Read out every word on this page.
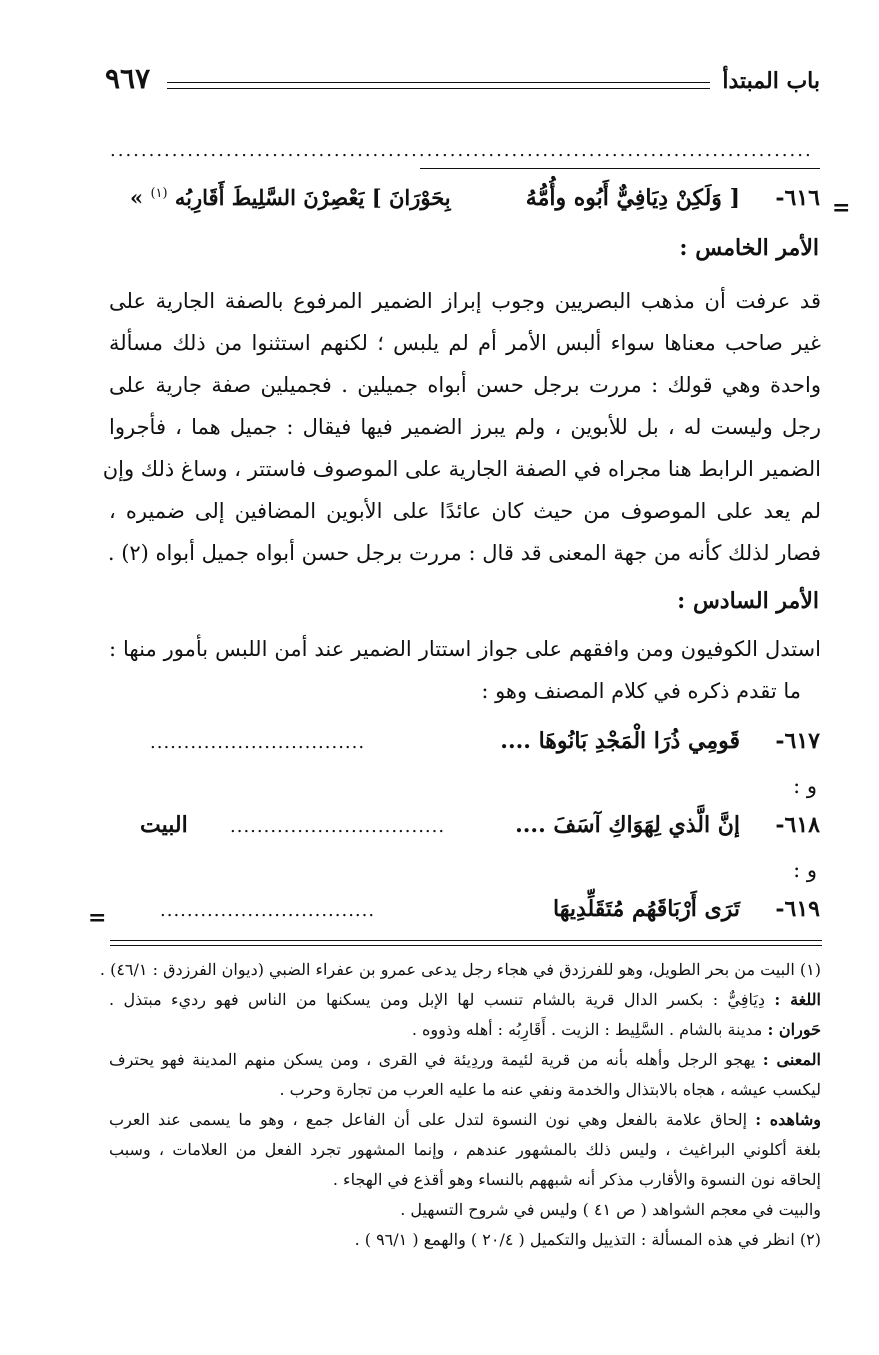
باب المبتدأ
٩٦٧
...........................................................................................
=
٦١٦-
[ وَلَكِنْ دِيَافِيٌّ أَبُوه وأُمُّهُ
بِحَوْرَانَ ] يَعْصِرْنَ السَّلِيطَ أَقَارِبُه $^{(١)}$ »
الأمر الخامس :
قد عرفت أن مذهب البصريين وجوب إبراز الضمير المرفوع بالصفة الجارية على
غير صاحب معناها سواء ألبس الأمر أم لم يلبس ؛ لكنهم استثنوا من ذلك مسألة
واحدة وهي قولك : مررت برجل حسن أبواه جميلين . فجميلين صفة جارية على
رجل وليست له ، بل للأبوين ، ولم يبرز الضمير فيها فيقال : جميل هما ، فأجروا
الضمير الرابط هنا مجراه في الصفة الجارية على الموصوف فاستتر ، وساغ ذلك وإن
لم يعد على الموصوف من حيث كان عائدًا على الأبوين المضافين إلى ضميره ،
فصار لذلك كأنه من جهة المعنى قد قال : مررت برجل حسن أبواه جميل أبواه (٢) .
الأمر السادس :
استدل الكوفيون ومن وافقهم على جواز استتار الضمير عند أمن اللبس بأمور منها :
ما تقدم ذكره في كلام المصنف وهو :
٦١٧-
قَومِي ذُرَا الْمَجْدِ بَانُوهَا ....
................................
و :
٦١٨-
إنَّ الَّذي لِهَوَاكِ آسَفَ ....
................................
البيت
و :
=	٦١٩-
تَرَى أَرْبَاقَهُم مُتَقَلِّدِيهَا
................................
(١) البيت من بحر الطويل، وهو للفرزدق في هجاء رجل يدعى عمرو بن عفراء الضبي (ديوان الفرزدق : ٤٦/١) .
اللغة : دِيَافِيٌّ : بكسر الدال قرية بالشام تنسب لها الإبل ومن يسكنها من الناس فهو رديء مبتذل .
حَوران : مدينة بالشام . السَّلِيط : الزيت . أَقَارِبُه : أهله وذووه .
المعنى : يهجو الرجل وأهله بأنه من قرية لئيمة وردِيئة في القرى ، ومن يسكن منهم المدينة فهو يحترف
ليكسب عيشه ، هجاه بالابتذال والخدمة ونفي عنه ما عليه العرب من تجارة وحرب .
وشاهده : إلحاق علامة بالفعل وهي نون النسوة لتدل على أن الفاعل جمع ، وهو ما يسمى عند العرب
بلغة أكلوني البراغيث ، وليس ذلك بالمشهور عندهم ، وإنما المشهور تجرد الفعل من العلامات ، وسبب
إلحاقه نون النسوة والأقارب مذكر أنه شبههم بالنساء وهو أقذع في الهجاء .
والبيت في معجم الشواهد ( ص ٤١ ) وليس في شروح التسهيل .
(٢) انظر في هذه المسألة : التذييل والتكميل ( ٢٠/٤ ) والهمع ( ٩٦/١ ) .
